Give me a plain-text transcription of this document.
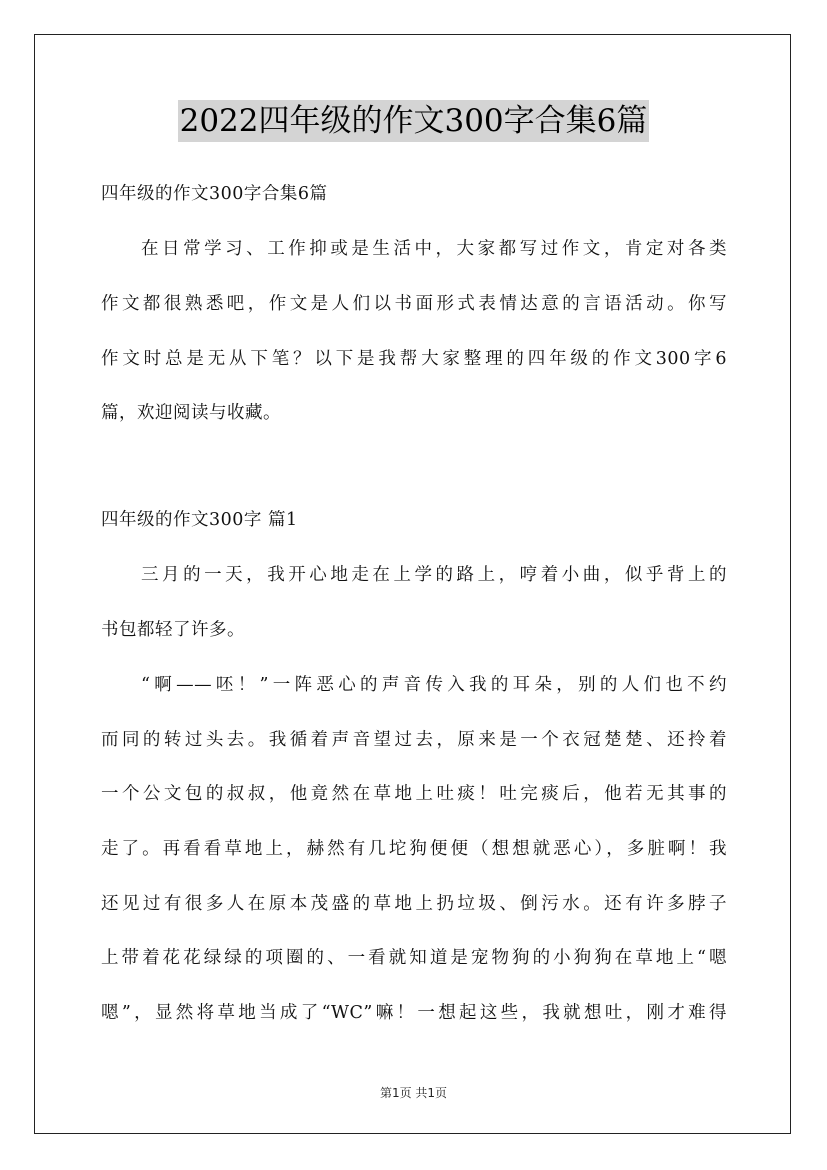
2022四年级的作文300字合集6篇
四年级的作文300字合集6篇
在日常学习、工作抑或是生活中，大家都写过作文，肯定对各类
作文都很熟悉吧，作文是人们以书面形式表情达意的言语活动。你写
作文时总是无从下笔？以下是我帮大家整理的四年级的作文300字6
篇，欢迎阅读与收藏。
四年级的作文300字 篇1
三月的一天，我开心地走在上学的路上，哼着小曲，似乎背上的
书包都轻了许多。
“啊——呸！”一阵恶心的声音传入我的耳朵，别的人们也不约
而同的转过头去。我循着声音望过去，原来是一个衣冠楚楚、还拎着
一个公文包的叔叔，他竟然在草地上吐痰！吐完痰后，他若无其事的
走了。再看看草地上，赫然有几坨狗便便（想想就恶心），多脏啊！我
还见过有很多人在原本茂盛的草地上扔垃圾、倒污水。还有许多脖子
上带着花花绿绿的项圈的、一看就知道是宠物狗的小狗狗在草地上“嗯
嗯”，显然将草地当成了“WC”嘛！一想起这些，我就想吐，刚才难得
第1页 共1页
